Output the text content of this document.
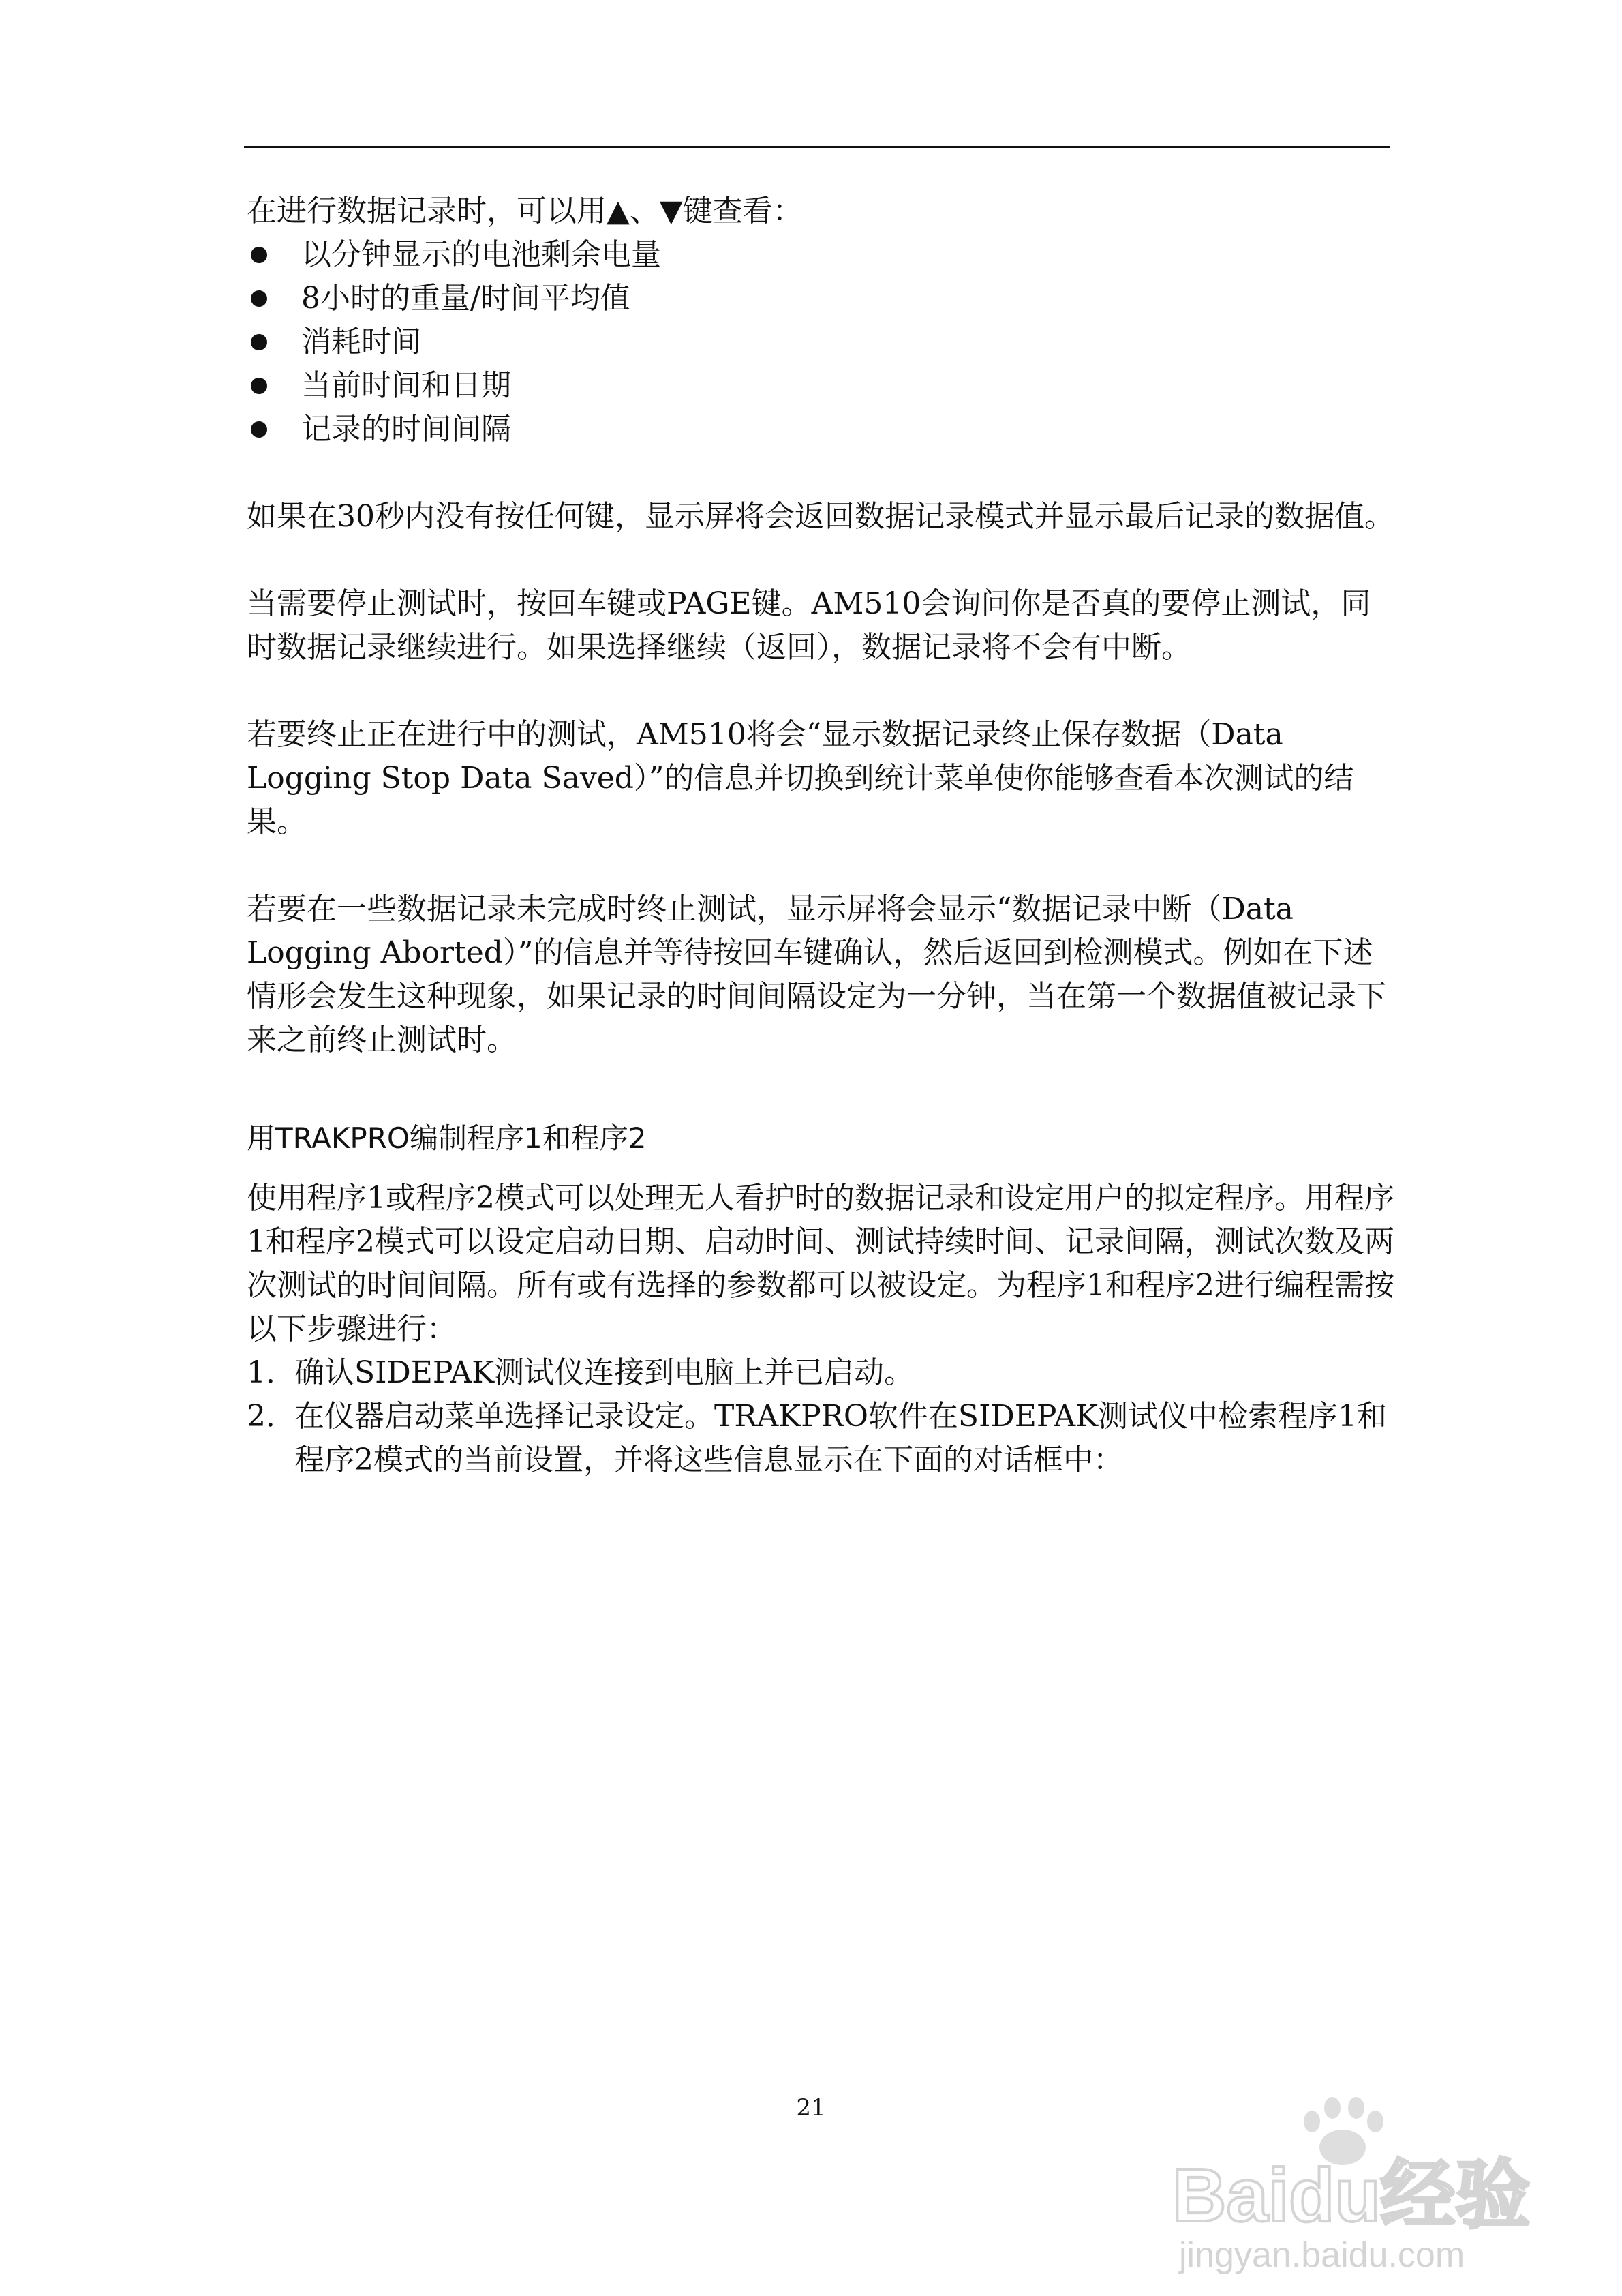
在进行数据记录时，可以用▲、▼键查看：

以分钟显示的电池剩余电量
8小时的重量/时间平均值
消耗时间
当前时间和日期
记录的时间间隔

如果在30秒内没有按任何键，显示屏将会返回数据记录模式并显示最后记录的数据值。

当需要停止测试时，按回车键或PAGE键。AM510会询问你是否真的要停止测试，同时数据记录继续进行。如果选择继续（返回），数据记录将不会有中断。

若要终止正在进行中的测试，AM510将会“显示数据记录终止保存数据（Data Logging Stop Data Saved）”的信息并切换到统计菜单使你能够查看本次测试的结果。

若要在一些数据记录未完成时终止测试，显示屏将会显示“数据记录中断（Data Logging Aborted）”的信息并等待按回车键确认，然后返回到检测模式。例如在下述情形会发生这种现象，如果记录的时间间隔设定为一分钟，当在第一个数据值被记录下来之前终止测试时。

用TRAKPRO编制程序1和程序2

使用程序1或程序2模式可以处理无人看护时的数据记录和设定用户的拟定程序。用程序1和程序2模式可以设定启动日期、启动时间、测试持续时间、记录间隔，测试次数及两次测试的时间间隔。所有或有选择的参数都可以被设定。为程序1和程序2进行编程需按以下步骤进行：

1．
确认SIDEPAK测试仪连接到电脑上并已启动。
2．
在仪器启动菜单选择记录设定。TRAKPRO软件在SIDEPAK测试仪中检索程序1和程序2模式的当前设置，并将这些信息显示在下面的对话框中：
21
Baidu经验
jingyan.baidu.com
